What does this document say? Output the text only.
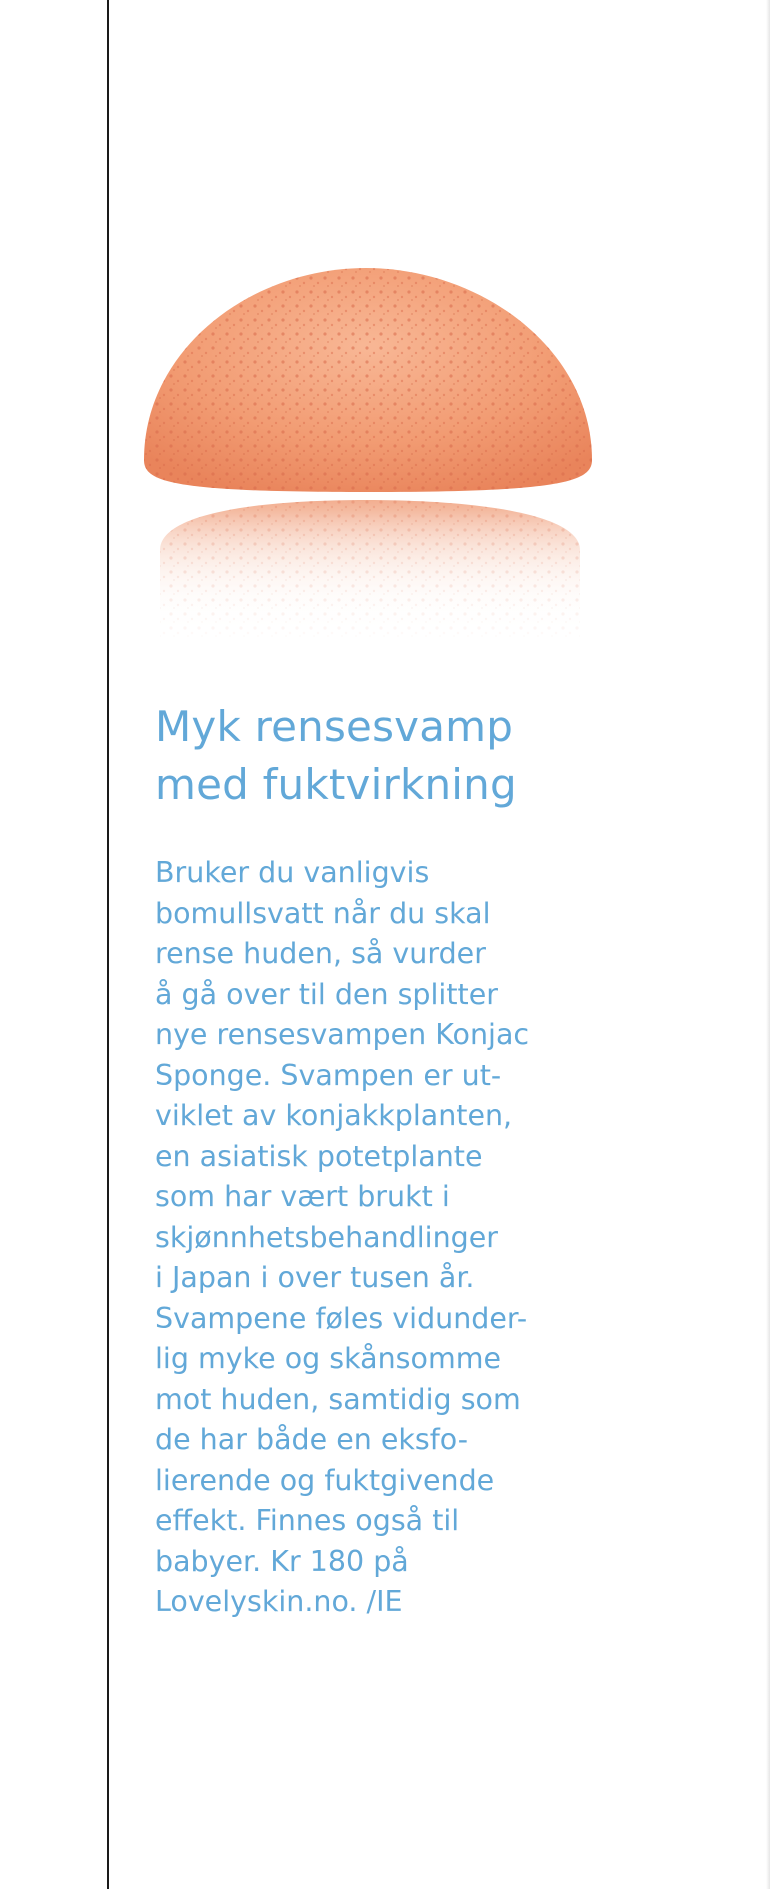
Myk rensesvamp
med fuktvirkning

Bruker du vanligvis
bomullsvatt når du skal
rense huden, så vurder
å gå over til den splitter
nye rensesvampen Konjac
Sponge. Svampen er ut-
viklet av konjakkplanten,
en asiatisk potetplante
som har vært brukt i
skjønnhetsbehandlinger
i Japan i over tusen år.
Svampene føles vidunder-
lig myke og skånsomme
mot huden, samtidig som
de har både en eksfo-
lierende og fuktgivende
effekt. Finnes også til
babyer. Kr 180 på
Lovelyskin.no. /IE
